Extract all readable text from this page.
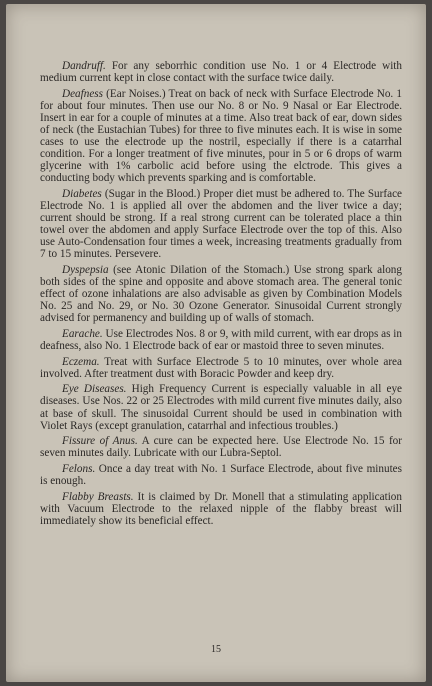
Dandruff. For any seborrhic condition use No. 1 or 4 Electrode with medium current kept in close contact with the surface twice daily.

Deafness (Ear Noises.) Treat on back of neck with Surface Electrode No. 1 for about four minutes. Then use our No. 8 or No. 9 Nasal or Ear Electrode. Insert in ear for a couple of minutes at a time. Also treat back of ear, down sides of neck (the Eustachian Tubes) for three to five minutes each. It is wise in some cases to use the electrode up the nostril, especially if there is a catarrhal condition. For a longer treatment of five minutes, pour in 5 or 6 drops of warm glycerine with 1% carbolic acid before using the elctrode. This gives a conducting body which prevents sparking and is comfortable.

Diabetes (Sugar in the Blood.) Proper diet must be adhered to. The Surface Electrode No. 1 is applied all over the abdomen and the liver twice a day; current should be strong. If a real strong current can be tolerated place a thin towel over the abdomen and apply Surface Electrode over the top of this. Also use Auto-Condensation four times a week, increasing treatments gradually from 7 to 15 minutes. Persevere.

Dyspepsia (see Atonic Dilation of the Stomach.) Use strong spark along both sides of the spine and opposite and above stomach area. The general tonic effect of ozone inhalations are also advisable as given by Combination Models No. 25 and No. 29, or No. 30 Ozone Generator. Sinusoidal Current strongly advised for permanency and building up of walls of stomach.

Earache. Use Electrodes Nos. 8 or 9, with mild current, with ear drops as in deafness, also No. 1 Electrode back of ear or mastoid three to seven minutes.

Eczema. Treat with Surface Electrode 5 to 10 minutes, over whole area involved. After treatment dust with Boracic Powder and keep dry.

Eye Diseases. High Frequency Current is especially valuable in all eye diseases. Use Nos. 22 or 25 Electrodes with mild current five minutes daily, also at base of skull. The sinusoidal Current should be used in combination with Violet Rays (except granulation, catarrhal and infectious troubles.)

Fissure of Anus. A cure can be expected here. Use Electrode No. 15 for seven minutes daily. Lubricate with our Lubra-Septol.

Felons. Once a day treat with No. 1 Surface Electrode, about five minutes is enough.

Flabby Breasts. It is claimed by Dr. Monell that a stimulating application with Vacuum Electrode to the relaxed nipple of the flabby breast will immediately show its beneficial effect.

15
